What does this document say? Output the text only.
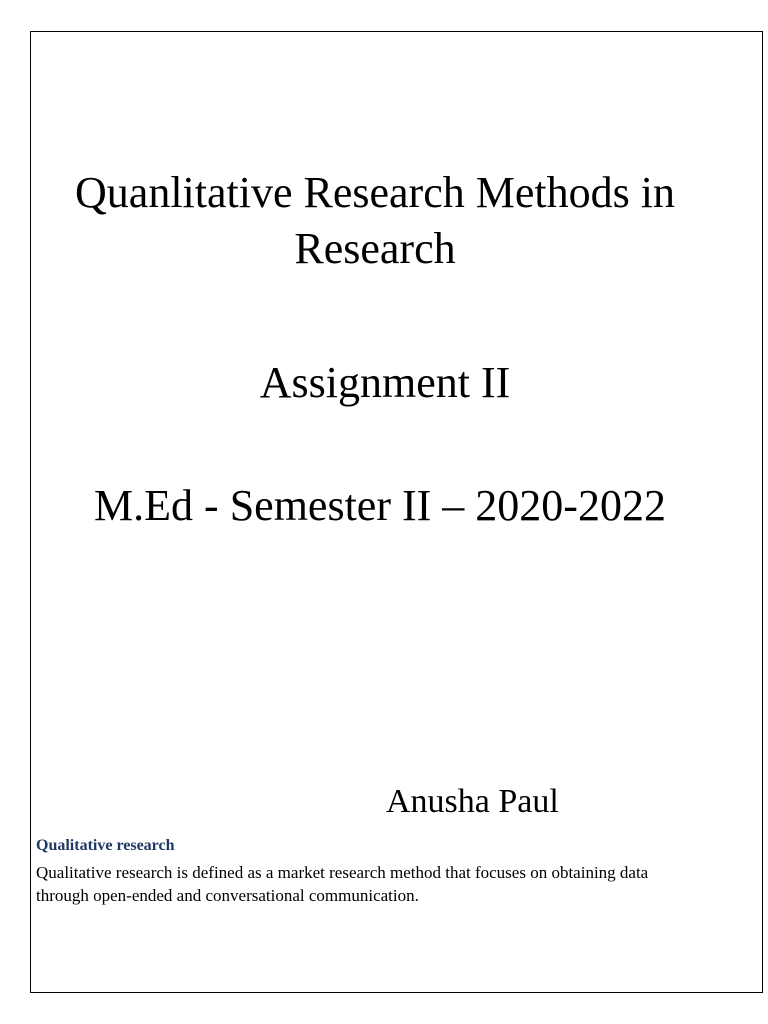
Quanlitative Research Methods in Research
Assignment II
M.Ed - Semester II – 2020-2022

Anusha Paul

Qualitative research

Qualitative research is defined as a market research method that focuses on obtaining data through open-ended and conversational communication.
